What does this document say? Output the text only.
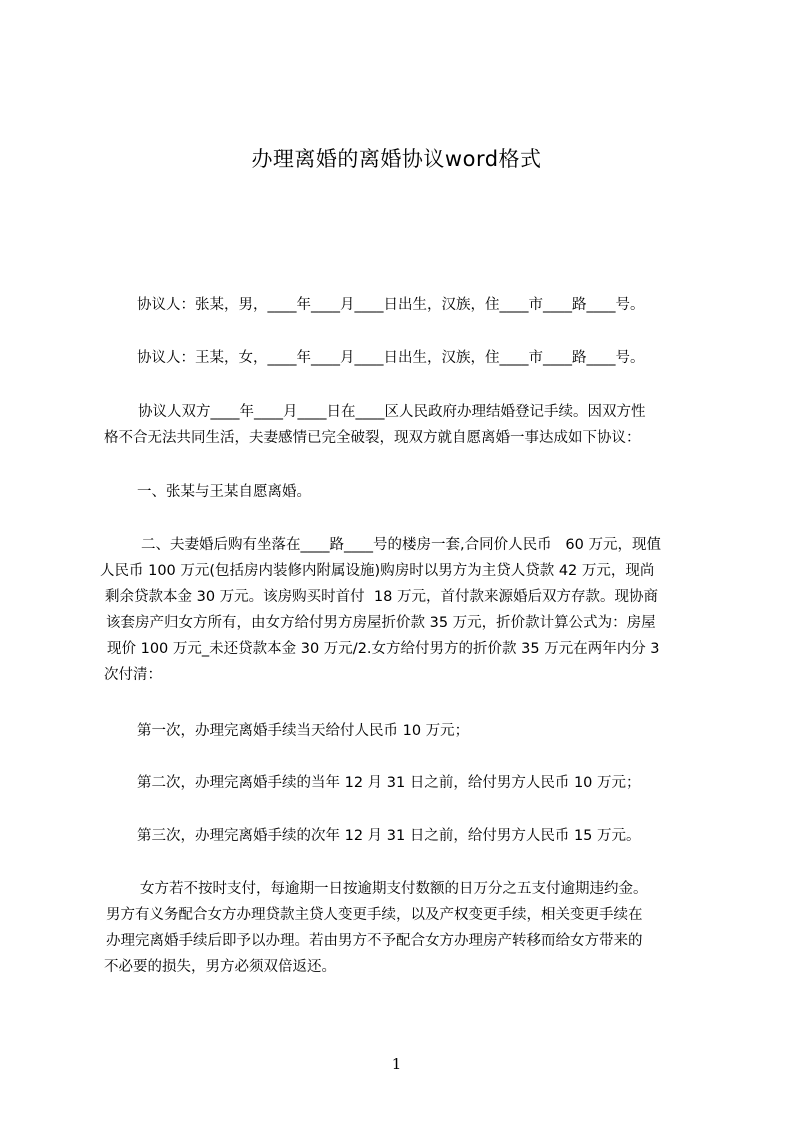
办理离婚的离婚协议word格式
协议人：张某，男，____年____月____日出生，汉族，住____市____路____号。
协议人：王某，女，____年____月____日出生，汉族，住____市____路____号。
协议人双方____年____月____日在____区人民政府办理结婚登记手续。因双方性
格不合无法共同生活，夫妻感情已完全破裂，现双方就自愿离婚一事达成如下协议：
一、张某与王某自愿离婚。
二、夫妻婚后购有坐落在____路____号的楼房一套,合同价人民币   60 万元，现值
人民币 100 万元(包括房内装修内附属设施)购房时以男方为主贷人贷款 42 万元，现尚
剩余贷款本金 30 万元。该房购买时首付  18 万元，首付款来源婚后双方存款。现协商
该套房产归女方所有，由女方给付男方房屋折价款 35 万元，折价款计算公式为：房屋
现价 100 万元_未还贷款本金 30 万元/2.女方给付男方的折价款 35 万元在两年内分 3
次付清：
第一次，办理完离婚手续当天给付人民币 10 万元；
第二次，办理完离婚手续的当年 12 月 31 日之前，给付男方人民币 10 万元；
第三次，办理完离婚手续的次年 12 月 31 日之前，给付男方人民币 15 万元。
女方若不按时支付，每逾期一日按逾期支付数额的日万分之五支付逾期违约金。
男方有义务配合女方办理贷款主贷人变更手续，以及产权变更手续，相关变更手续在
办理完离婚手续后即予以办理。若由男方不予配合女方办理房产转移而给女方带来的
不必要的损失，男方必须双倍返还。
1
